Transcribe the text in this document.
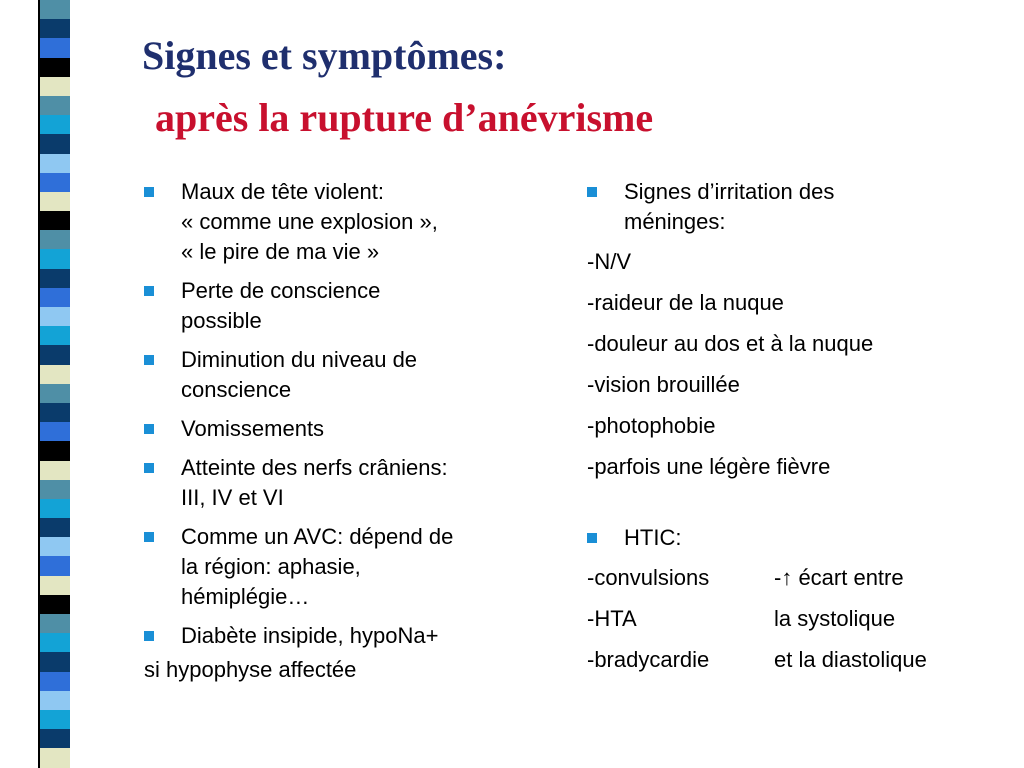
Signes et symptômes:
après la rupture d’anévrisme
Maux de tête violent:
« comme une explosion »,
« le pire de ma vie »
Perte de conscience
possible
Diminution du niveau de
conscience
Vomissements
Atteinte des nerfs crâniens:
III, IV et VI
Comme un AVC: dépend de
la région: aphasie,
hémiplégie…
Diabète insipide, hypoNa+
si hypophyse affectée
Signes d’irritation des
méninges:
-N/V
-raideur de la nuque
-douleur au dos et à la nuque
-vision brouillée
-photophobie
-parfois une légère fièvre
HTIC:
-convulsions	-↑ écart entre
-HTA	la systolique
-bradycardie	et la diastolique
